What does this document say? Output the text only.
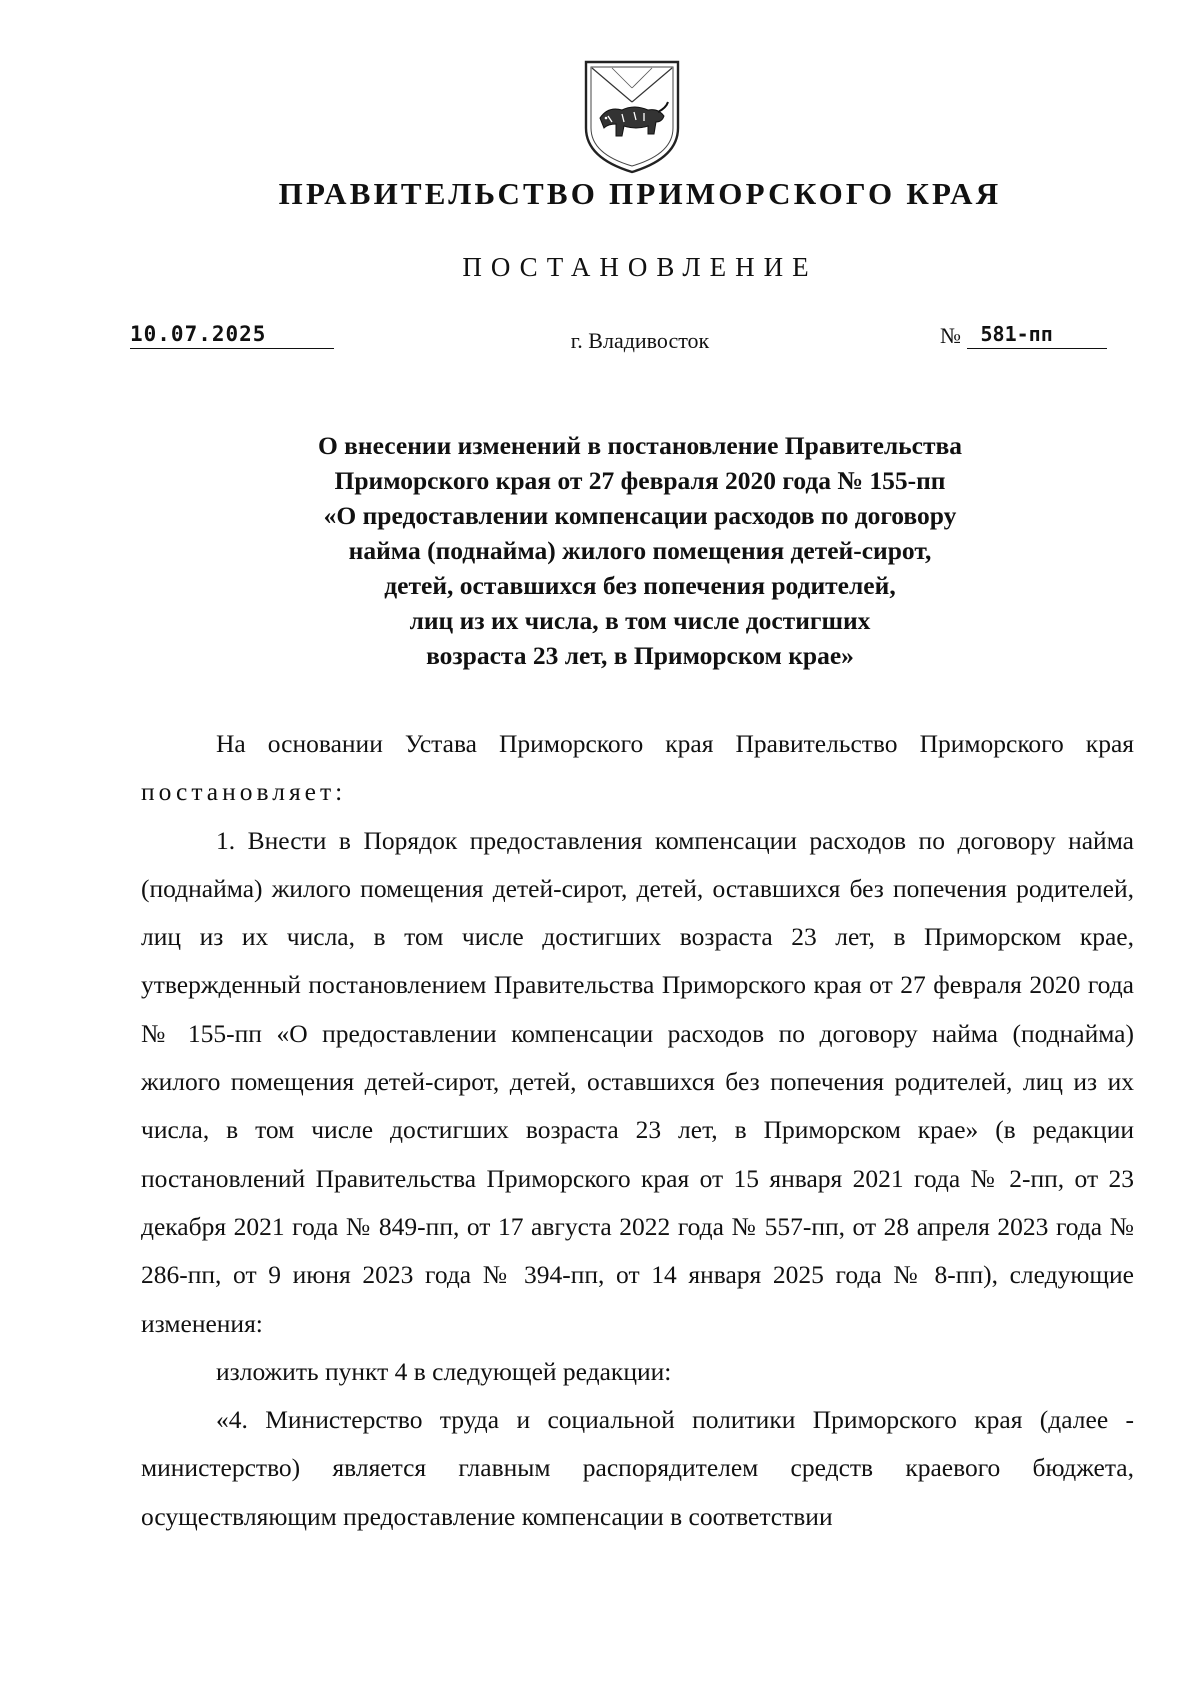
ПРАВИТЕЛЬСТВО ПРИМОРСКОГО КРАЯ
ПОСТАНОВЛЕНИЕ
10.07.2025	г. Владивосток	№ 581-пп
О внесении изменений в постановление Правительства
Приморского края от 27 февраля 2020 года № 155-пп
«О предоставлении компенсации расходов по договору
найма (поднайма) жилого помещения детей-сирот,
детей, оставшихся без попечения родителей,
лиц из их числа, в том числе достигших
возраста 23 лет, в Приморском крае»

На основании Устава Приморского края Правительство Приморского края постановляет:

1. Внести в Порядок предоставления компенсации расходов по договору найма (поднайма) жилого помещения детей-сирот, детей, оставшихся без попечения родителей, лиц из их числа, в том числе достигших возраста 23 лет, в Приморском крае, утвержденный постановлением Правительства Приморского края от 27 февраля 2020 года № 155-пп «О предоставлении компенсации расходов по договору найма (поднайма) жилого помещения детей-сирот, детей, оставшихся без попечения родителей, лиц из их числа, в том числе достигших возраста 23 лет, в Приморском крае» (в редакции постановлений Правительства Приморского края от 15 января 2021 года № 2-пп, от 23 декабря 2021 года № 849-пп, от 17 августа 2022 года № 557-пп, от 28 апреля 2023 года № 286-пп, от 9 июня 2023 года № 394-пп, от 14 января 2025 года № 8-пп), следующие изменения:

изложить пункт 4 в следующей редакции:

«4. Министерство труда и социальной политики Приморского края (далее - министерство) является главным распорядителем средств краевого бюджета, осуществляющим предоставление компенсации в соответствии
